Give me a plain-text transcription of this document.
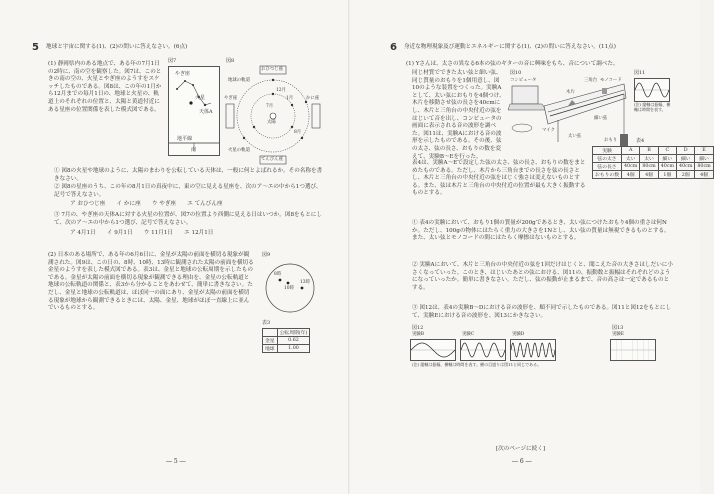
5 地球と宇宙に関する(1)、(2)の問いに答えなさい。(6点)
(1) 静岡県内のある地点で、ある年の7月1日の2時に、南の空を観察した。図7は、このときの南の空の、火星とやぎ座のようすをスケッチしたものである。図8は、この年の1月から12月までの毎月1日の、地球と火星の、軌道上のそれぞれの位置と、太陽と黄道付近にある星座の位置関係を表した模式図である。
図7
やぎ座
火星
天体A
地平線
南
図8
おひつじ座
てんびん座
やぎ座	かに座
地球の軌道
火星の軌道
太陽
12月
1月
7月
8月
① 図8の火星や地球のように、太陽のまわりを公転している天体は、一般に何とよばれるか。その名称を書きなさい。
② 図8の星座のうち、この年の8月1日の真夜中に、東の空に見える星座を、次のア～エの中から1つ選び、記号で答えなさい。
ア おひつじ座　　イ かに座　　ウ やぎ座　　エ てんびん座
③ 7月の、やぎ座の天体Aに対する火星の位置が、図7の位置より西側に見える日はいつか。図8をもとにして、次のア～エの中から1つ選び、記号で答えなさい。
ア 4月1日　　イ 9月1日　　ウ 11月1日　　エ 12月1日
(2) 日本のある場所で、ある年の6月6日に、金星が太陽の前面を横切る現象が観測された。図9は、この日の、8時、10時、13時に観測された太陽の前面を横切る金星のようすを表した模式図である。表3は、金星と地球の公転周期を示したものである。金星が太陽の前面を横切る現象が観測できる理由を、金星の公転軌道と地球の公転軌道の関係と、表3から分かることをあわせて、簡単に書きなさい。ただし、金星と地球の公転軌道は、ほぼ同一の面にあり、金星が太陽の前面を横切る現象が地球から観測できるときには、太陽、金星、地球がほぼ一直線上に並んでいるものとする。
図9
8時
10時
13時
表3
	公転周期(年)
金星	0.62
地球	1.00
― 5 ―
6 身近な物理現象及び運動とエネルギーに関する(1)、(2)の問いに答えなさい。(11点)
(1) Yさんは、太さの異なる6本の弦のギターの音に興味をもち、音について調べた。
同じ材質でできた太い弦と細い弦、同じ質量のおもりを1個用意し、図10のような装置をつくった。実験Aとして、太い弦におもりを4個つけ、木片を移動させ弦の長さを40cmにし、木片と三角台の中央付近の弦をはじいて音を出し、コンピュータの画面に表示される音の波形を調べた。図11は、実験Aにおける音の波形を示したものである。その後、弦の太さ、弦の長さ、おもりの数を変えて、実験B～Eを行った。
図10
コンピュータ
木片
三角台
マイク
モノコード
細い弦
おもり
太い弦
図11
(注) 縦軸は振幅、横軸は時間を表す。
表4
実験	A	B	C	D	E
弦の太さ	太い	太い	細い	細い	細い
弦の長さ	40cm	80cm	40cm	40cm	80cm
おもりの数	4個	4個	1個	2個	4個
表4は、実験A～Eで設定した弦の太さ、弦の長さ、おもりの数をまとめたものである。ただし、木片から三角台までの長さを弦の長さとし、木片と三角台の中央付近の弦をはじく強さは変えないものとする。また、弦は木片と三角台の中央付近の位置が最も大きく振動するものとする。
① 表4の実験において、おもり1個の質量が200gであるとき、太い弦につけたおもり4個の重さは何Nか。ただし、100gの物体にはたらく重力の大きさを1Nとし、太い弦の質量は無視できるものとする。また、太い弦とモノコードの間にはたらく摩擦はないものとする。
② 実験Aにおいて、木片と三角台の中央付近の弦を1回だけはじくと、聞こえた音の大きさはしだいに小さくなっていった。このとき、はじいたあとの弦における、図11の、振動数と振幅はそれぞれどのようになっていったか。簡単に書きなさい。ただし、弦の振動が止まるまで、音の高さは一定であるものとする。
③ 図12は、表4の実験B～Dにおける音の波形を、順不同で示したものである。図11と図12をもとにして、実験Eにおける音の波形を、図13にかきなさい。
図12
実験B	実験C	実験D
(注) 縦軸は振幅、横軸は時間を表す。横の目盛りは図11と同じである。
図13
実験E
[次のページに続く]
― 6 ―
